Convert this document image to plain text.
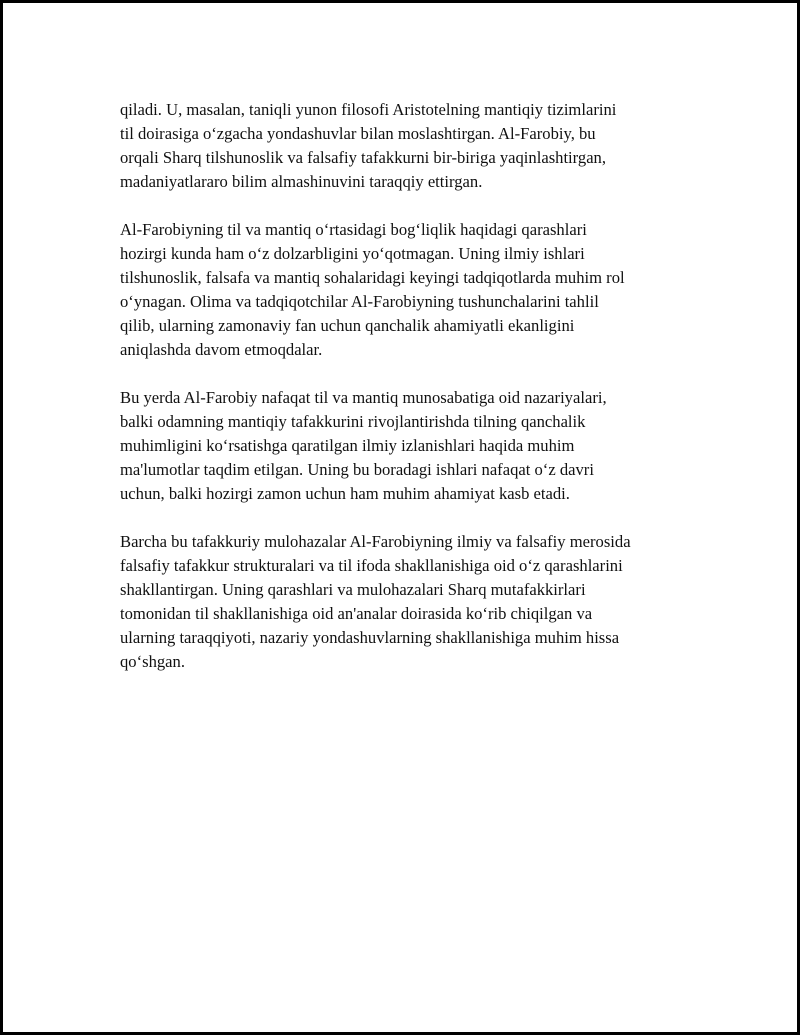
qiladi. U, masalan, taniqli yunon filosofi Aristotelning mantiqiy tizimlarini
til doirasiga o‘zgacha yondashuvlar bilan moslashtirgan. Al-Farobiy, bu
orqali Sharq tilshunoslik va falsafiy tafakkurni bir-biriga yaqinlashtirgan,
madaniyatlararo bilim almashinuvini taraqqiy ettirgan.

Al-Farobiyning til va mantiq o‘rtasidagi bog‘liqlik haqidagi qarashlari
hozirgi kunda ham o‘z dolzarbligini yo‘qotmagan. Uning ilmiy ishlari
tilshunoslik, falsafa va mantiq sohalaridagi keyingi tadqiqotlarda muhim rol
o‘ynagan. Olima va tadqiqotchilar Al-Farobiyning tushunchalarini tahlil
qilib, ularning zamonaviy fan uchun qanchalik ahamiyatli ekanligini
aniqlashda davom etmoqdalar.

Bu yerda Al-Farobiy nafaqat til va mantiq munosabatiga oid nazariyalari,
balki odamning mantiqiy tafakkurini rivojlantirishda tilning qanchalik
muhimligini ko‘rsatishga qaratilgan ilmiy izlanishlari haqida muhim
ma'lumotlar taqdim etilgan. Uning bu boradagi ishlari nafaqat o‘z davri
uchun, balki hozirgi zamon uchun ham muhim ahamiyat kasb etadi.

Barcha bu tafakkuriy mulohazalar Al-Farobiyning ilmiy va falsafiy merosida
falsafiy tafakkur strukturalari va til ifoda shakllanishiga oid o‘z qarashlarini
shakllantirgan. Uning qarashlari va mulohazalari Sharq mutafakkirlari
tomonidan til shakllanishiga oid an'analar doirasida ko‘rib chiqilgan va
ularning taraqqiyoti, nazariy yondashuvlarning shakllanishiga muhim hissa
qo‘shgan.
